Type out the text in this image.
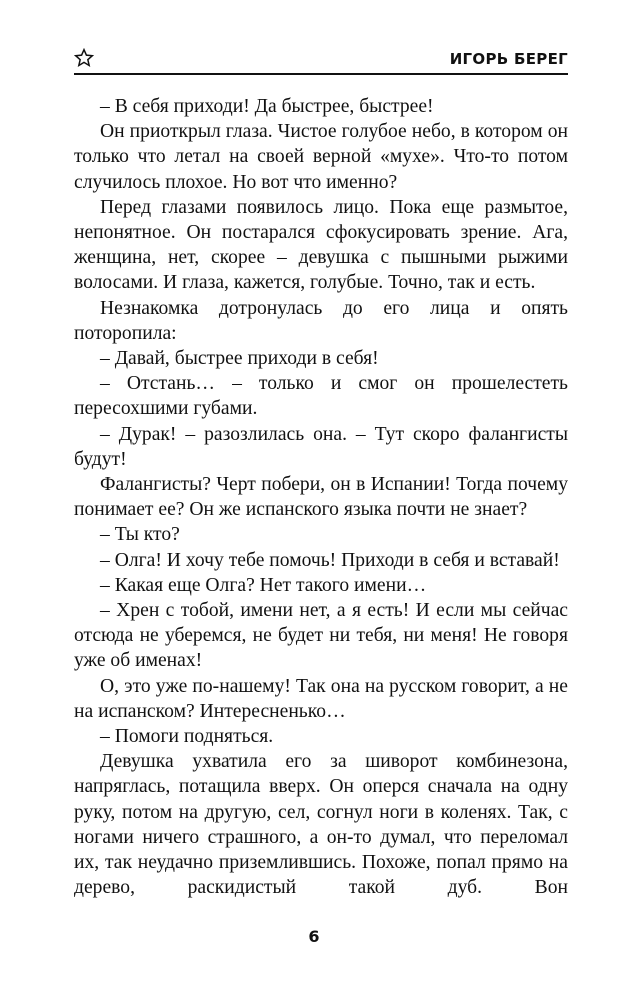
ИГОРЬ БЕРЕГ

– В себя приходи! Да быстрее, быстрее!

Он приоткрыл глаза. Чистое голубое небо, в котором он только что летал на своей верной «мухе». Что-то потом случилось плохое. Но вот что именно?

Перед глазами появилось лицо. Пока еще размытое, непонятное. Он постарался сфокусировать зрение. Ага, женщина, нет, скорее – девушка с пышными рыжими волосами. И глаза, кажется, голубые. Точно, так и есть.

Незнакомка дотронулась до его лица и опять поторопила:

– Давай, быстрее приходи в себя!

– Отстань… – только и смог он прошелестеть пересохшими губами.

– Дурак! – разозлилась она. – Тут скоро фалангисты будут!

Фалангисты? Черт побери, он в Испании! Тогда почему понимает ее? Он же испанского языка почти не знает?

– Ты кто?

– Олга! И хочу тебе помочь! Приходи в себя и вставай!

– Какая еще Олга? Нет такого имени…

– Хрен с тобой, имени нет, а я есть! И если мы сейчас отсюда не уберемся, не будет ни тебя, ни меня! Не говоря уже об именах!

О, это уже по-нашему! Так она на русском говорит, а не на испанском? Интересненько…

– Помоги подняться.

Девушка ухватила его за шиворот комбинезона, напряглась, потащила вверх. Он оперся сначала на одну руку, потом на другую, сел, согнул ноги в коленях. Так, с ногами ничего страшного, а он-то думал, что переломал их, так неудачно приземлившись. Похоже, попал прямо на дерево, раскидистый такой дуб. Вон

6
